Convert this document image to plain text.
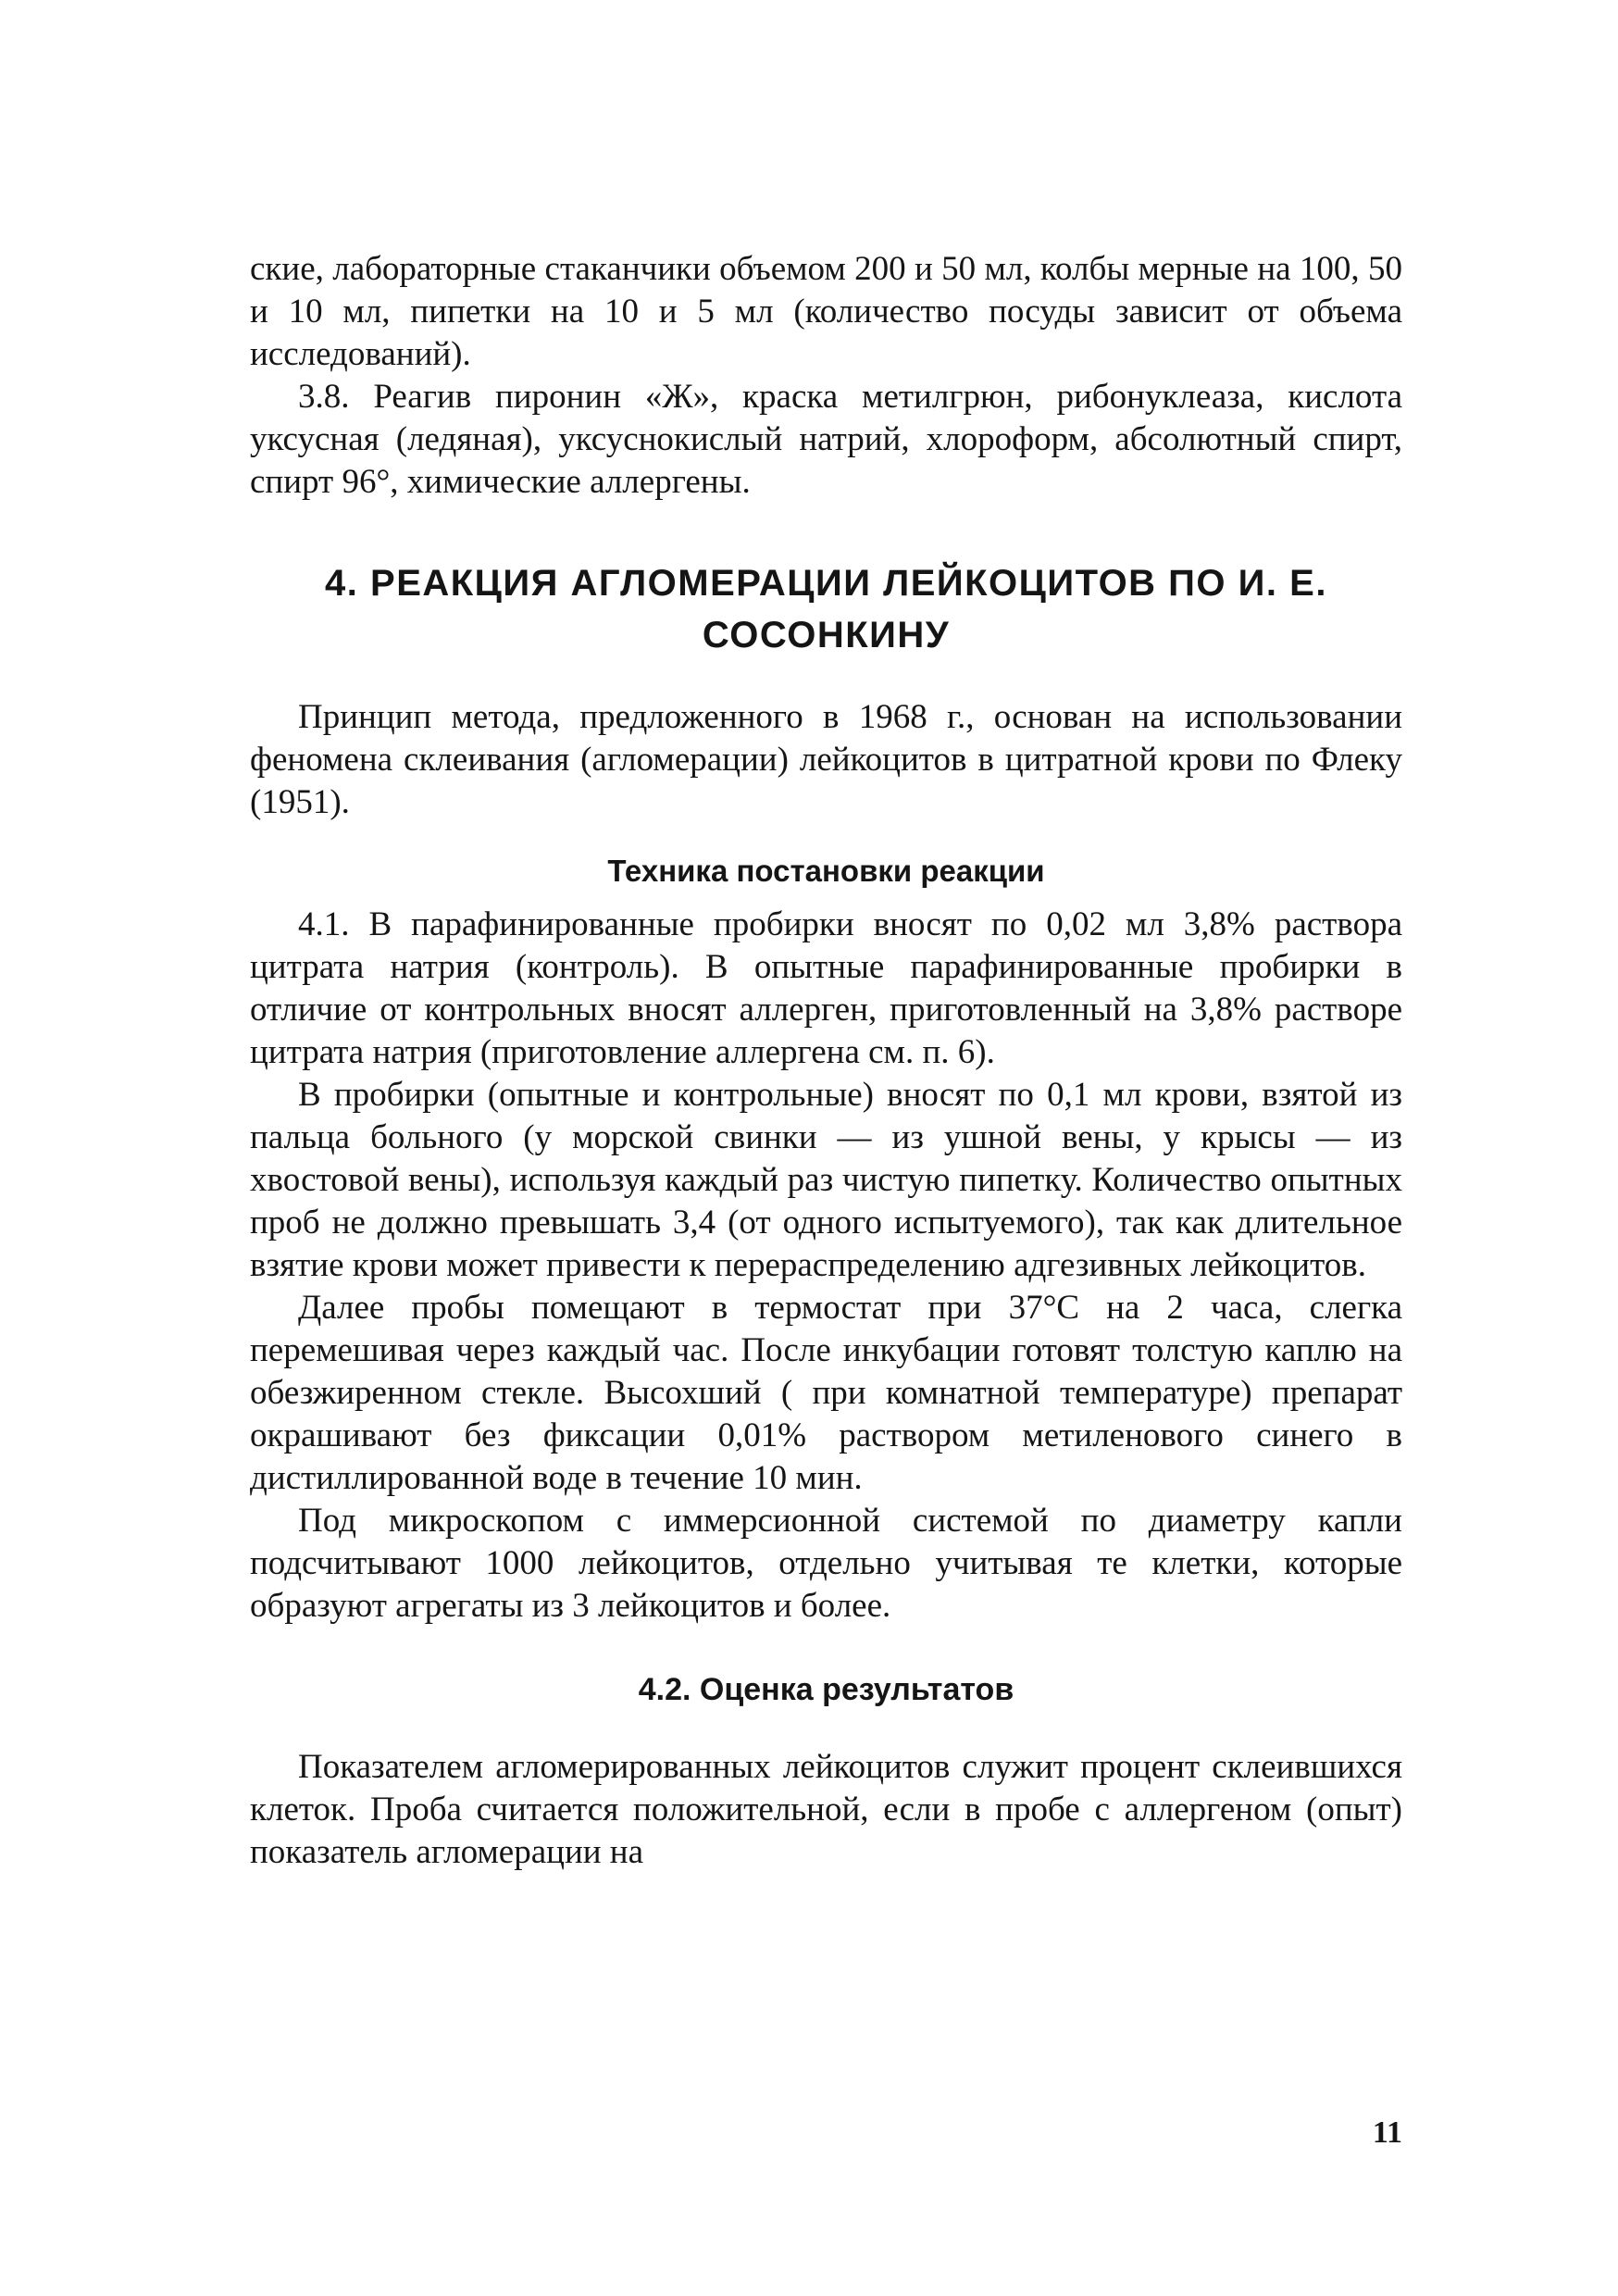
ские, лабораторные стаканчики объемом 200 и 50 мл, колбы мерные на 100, 50 и 10 мл, пипетки на 10 и 5 мл (количество посуды зависит от объема исследований).

3.8. Реагив пиронин «Ж», краска метилгрюн, рибонуклеаза, кислота уксусная (ледяная), уксуснокислый натрий, хлороформ, абсолютный спирт, спирт 96°, химические аллергены.

4. РЕАКЦИЯ АГЛОМЕРАЦИИ ЛЕЙКОЦИТОВ ПО И. Е. СОСОНКИНУ

Принцип метода, предложенного в 1968 г., основан на использовании феномена склеивания (агломерации) лейкоцитов в цитратной крови по Флеку (1951).

Техника постановки реакции

4.1. В парафинированные пробирки вносят по 0,02 мл 3,8% раствора цитрата натрия (контроль). В опытные парафинированные пробирки в отличие от контрольных вносят аллерген, приготовленный на 3,8% растворе цитрата натрия (приготовление аллергена см. п. 6).

В пробирки (опытные и контрольные) вносят по 0,1 мл крови, взятой из пальца больного (у морской свинки — из ушной вены, у крысы — из хвостовой вены), используя каждый раз чистую пипетку. Количество опытных проб не должно превышать 3,4 (от одного испытуемого), так как длительное взятие крови может привести к перераспределению адгезивных лейкоцитов.

Далее пробы помещают в термостат при 37°С на 2 часа, слегка перемешивая через каждый час. После инкубации готовят толстую каплю на обезжиренном стекле. Высохший ( при комнатной температуре) препарат окрашивают без фиксации 0,01% раствором метиленового синего в дистиллированной воде в течение 10 мин.

Под микроскопом с иммерсионной системой по диаметру капли подсчитывают 1000 лейкоцитов, отдельно учитывая те клетки, которые образуют агрегаты из 3 лейкоцитов и более.

4.2. Оценка результатов

Показателем агломерированных лейкоцитов служит процент склеившихся клеток. Проба считается положительной, если в пробе с аллергеном (опыт) показатель агломерации на

11
